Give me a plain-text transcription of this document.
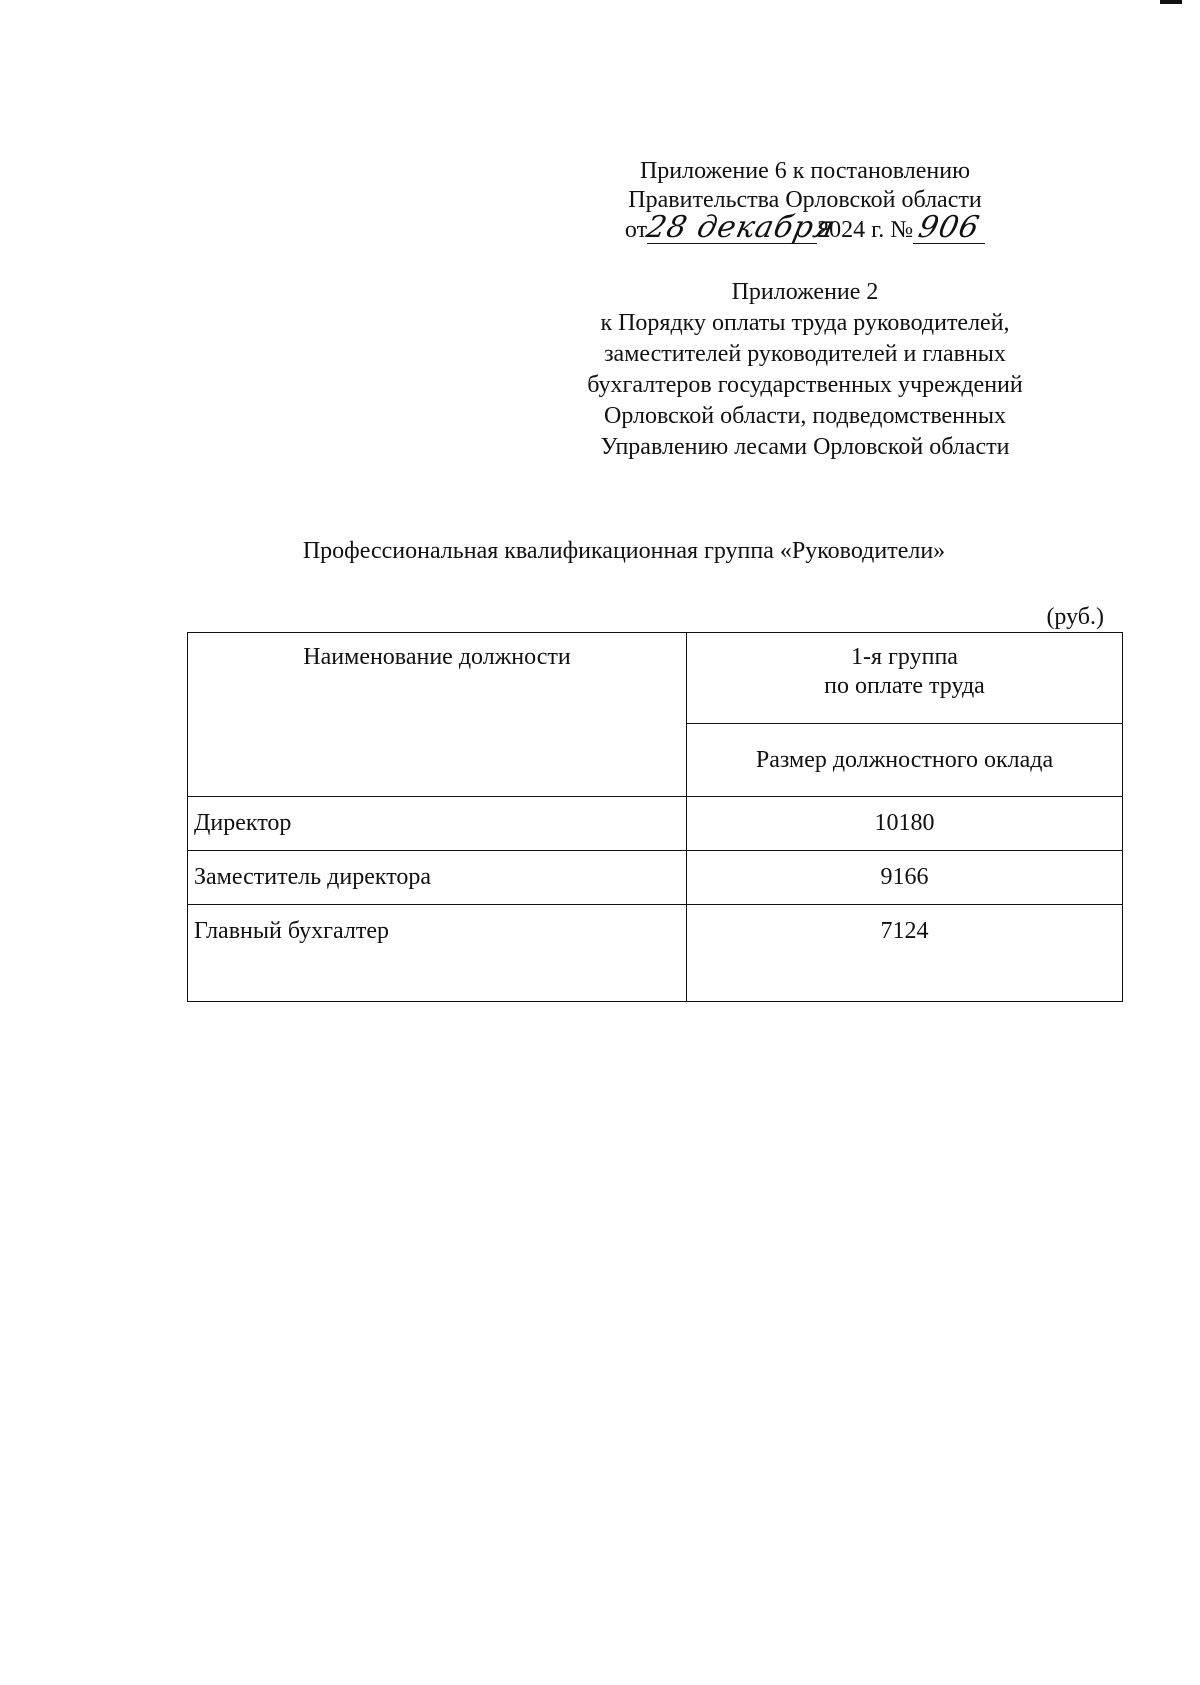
Приложение 6 к постановлению
Правительства Орловской области
от28 декабря2024 г. №906
Приложение 2
к Порядку оплаты труда руководителей,
заместителей руководителей и главных
бухгалтеров государственных учреждений
Орловской области, подведомственных
Управлению лесами Орловской области
Профессиональная квалификационная группа «Руководители»
(руб.)
Наименование должности	1-я группа
по оплате труда
	Размер должностного оклада
Директор	10180
Заместитель директора	9166
Главный бухгалтер	7124
